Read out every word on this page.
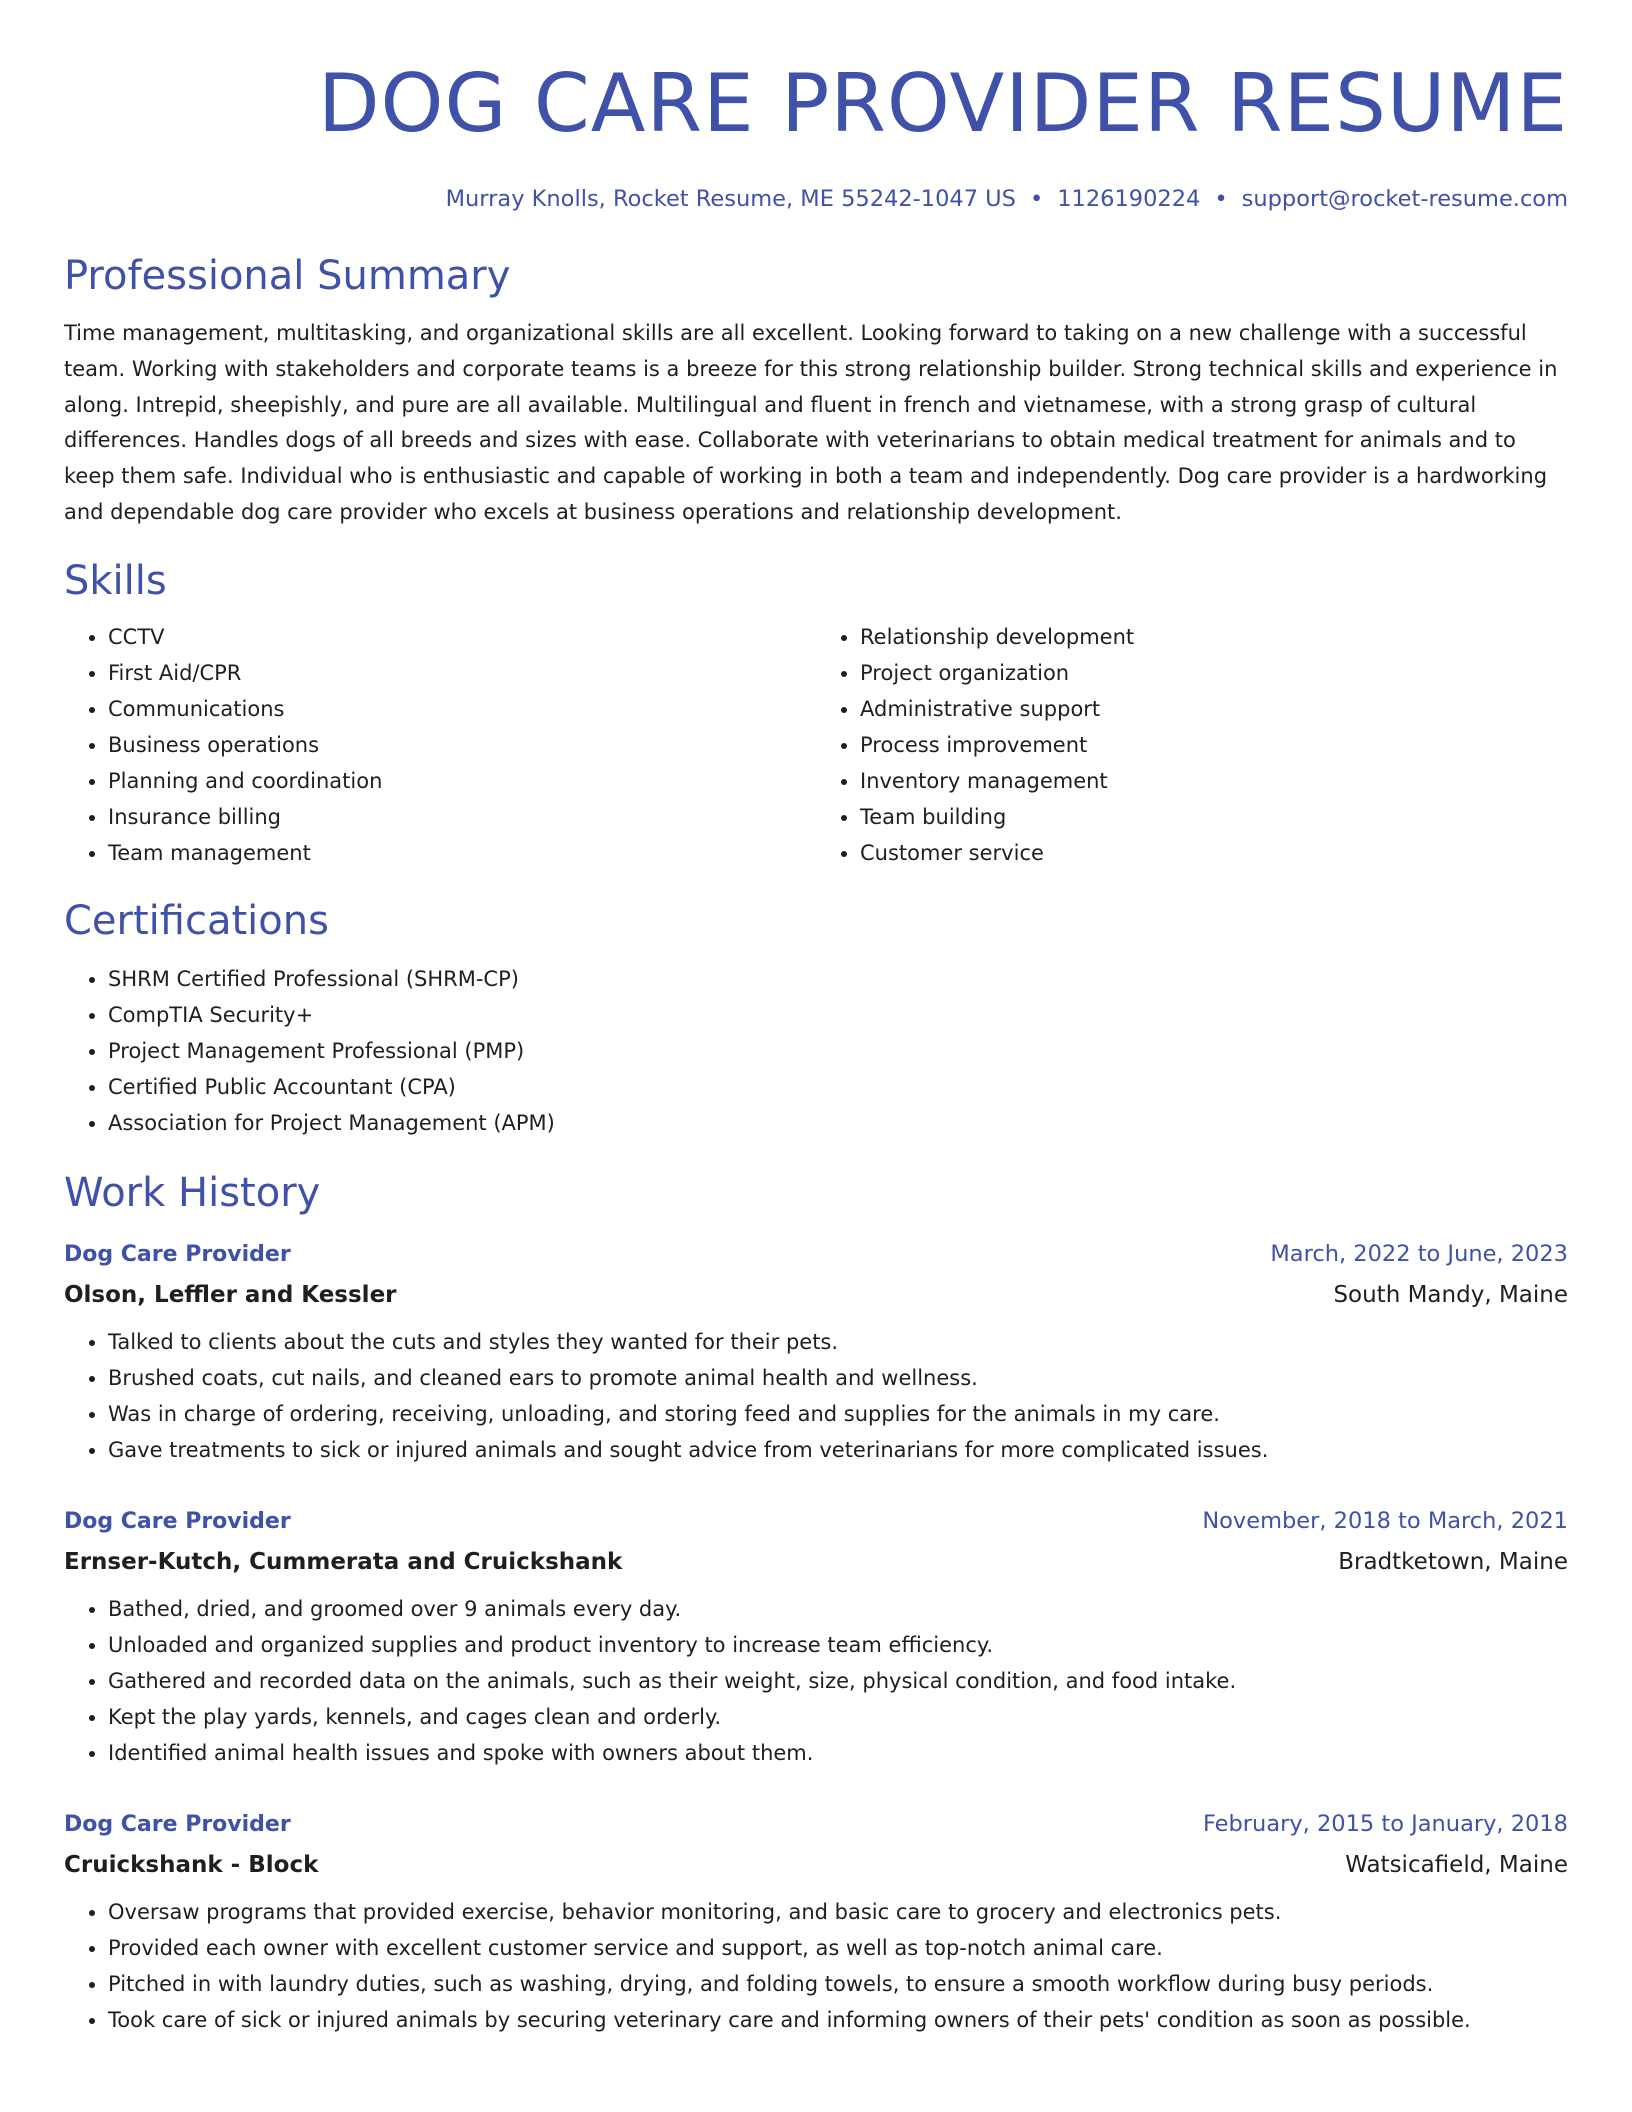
DOG CARE PROVIDER RESUME
Murray Knolls, Rocket Resume, ME 55242-1047 US • 1126190224 • support@rocket-resume.com
Professional Summary

Time management, multitasking, and organizational skills are all excellent. Looking forward to taking on a new challenge with a successful team. Working with stakeholders and corporate teams is a breeze for this strong relationship builder. Strong technical skills and experience in along. Intrepid, sheepishly, and pure are all available. Multilingual and fluent in french and vietnamese, with a strong grasp of cultural differences. Handles dogs of all breeds and sizes with ease. Collaborate with veterinarians to obtain medical treatment for animals and to keep them safe. Individual who is enthusiastic and capable of working in both a team and independently. Dog care provider is a hardworking and dependable dog care provider who excels at business operations and relationship development.

Skills
• CCTV
• First Aid/CPR
• Communications
• Business operations
• Planning and coordination
• Insurance billing
• Team management
• Relationship development
• Project organization
• Administrative support
• Process improvement
• Inventory management
• Team building
• Customer service
Certifications
• SHRM Certified Professional (SHRM-CP)
• CompTIA Security+
• Project Management Professional (PMP)
• Certified Public Accountant (CPA)
• Association for Project Management (APM)
Work History
Dog Care Provider	March, 2022 to June, 2023
Olson, Leffler and Kessler	South Mandy, Maine
• Talked to clients about the cuts and styles they wanted for their pets.
• Brushed coats, cut nails, and cleaned ears to promote animal health and wellness.
• Was in charge of ordering, receiving, unloading, and storing feed and supplies for the animals in my care.
• Gave treatments to sick or injured animals and sought advice from veterinarians for more complicated issues.
Dog Care Provider	November, 2018 to March, 2021
Ernser-Kutch, Cummerata and Cruickshank	Bradtketown, Maine
• Bathed, dried, and groomed over 9 animals every day.
• Unloaded and organized supplies and product inventory to increase team efficiency.
• Gathered and recorded data on the animals, such as their weight, size, physical condition, and food intake.
• Kept the play yards, kennels, and cages clean and orderly.
• Identified animal health issues and spoke with owners about them.
Dog Care Provider	February, 2015 to January, 2018
Cruickshank - Block	Watsicafield, Maine
• Oversaw programs that provided exercise, behavior monitoring, and basic care to grocery and electronics pets.
• Provided each owner with excellent customer service and support, as well as top-notch animal care.
• Pitched in with laundry duties, such as washing, drying, and folding towels, to ensure a smooth workflow during busy periods.
• Took care of sick or injured animals by securing veterinary care and informing owners of their pets' condition as soon as possible.
